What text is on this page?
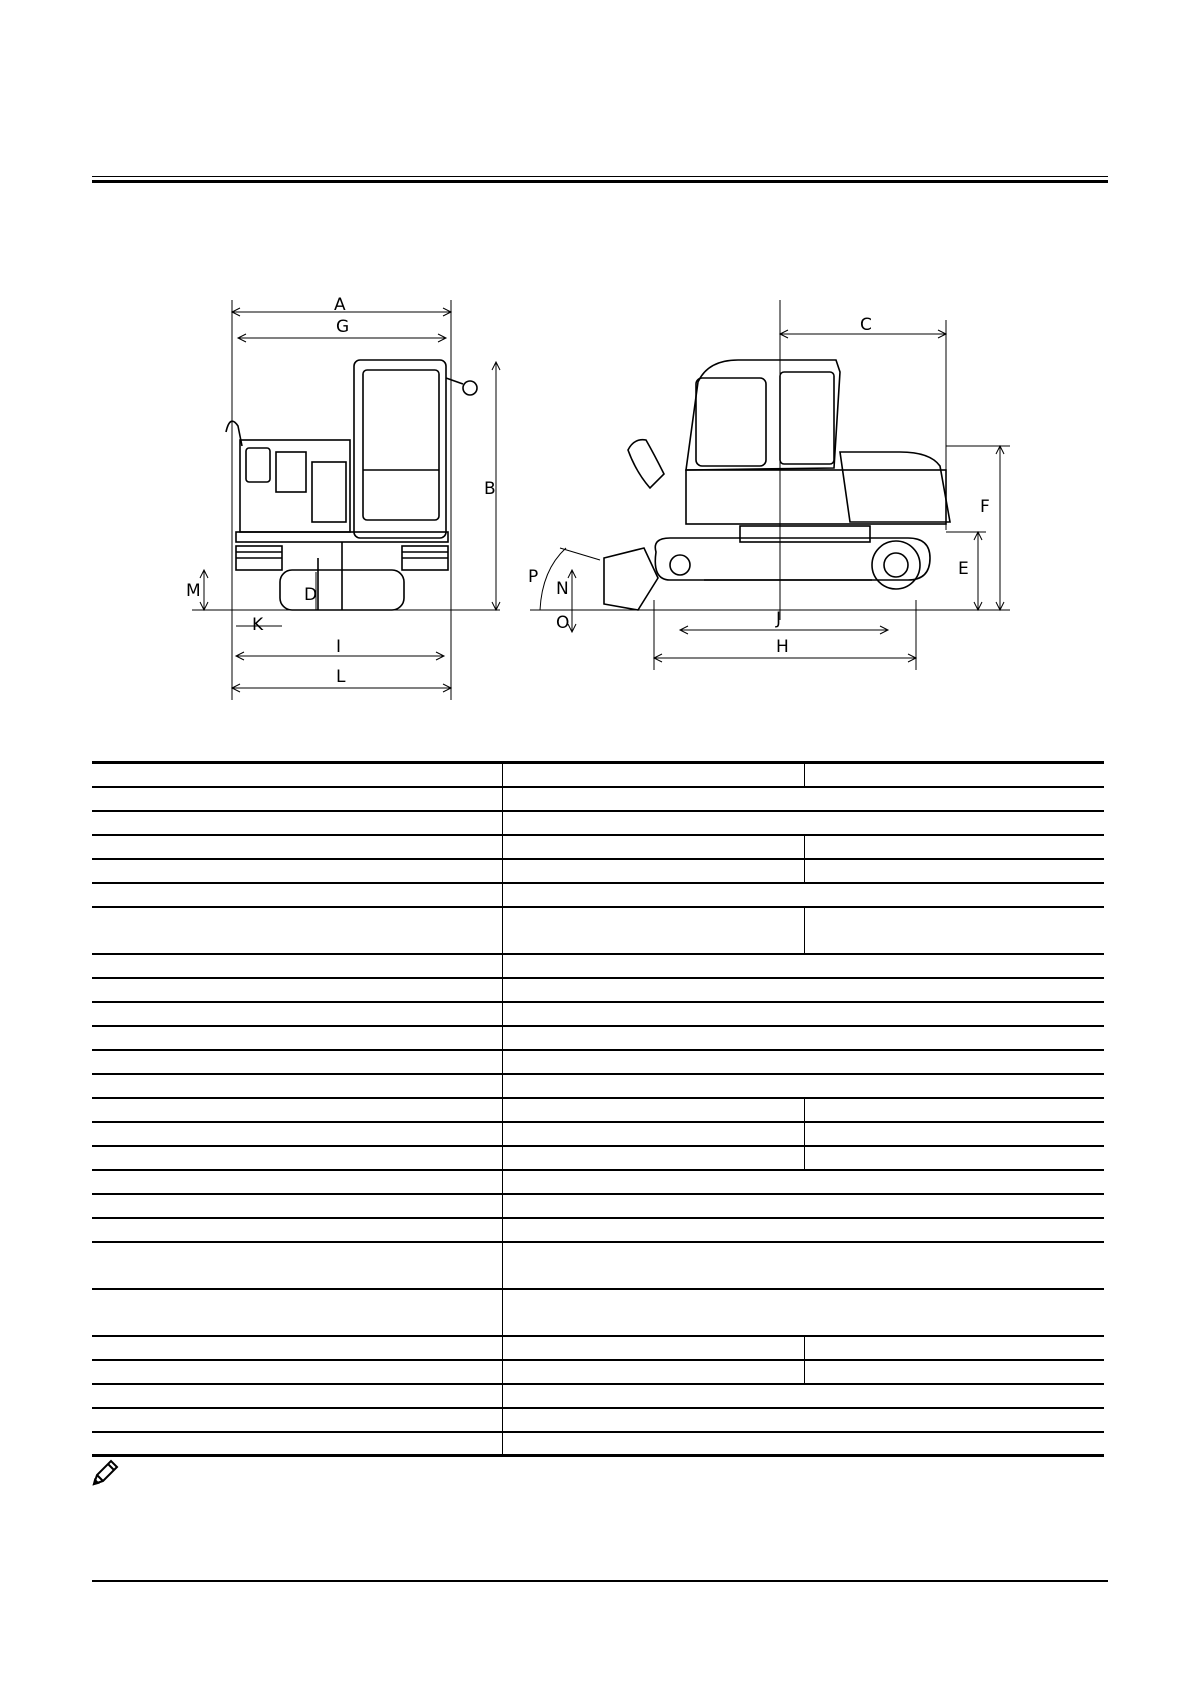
A
B
C
D
E
F
G
H
I
J
K
L
M	N
O
P
